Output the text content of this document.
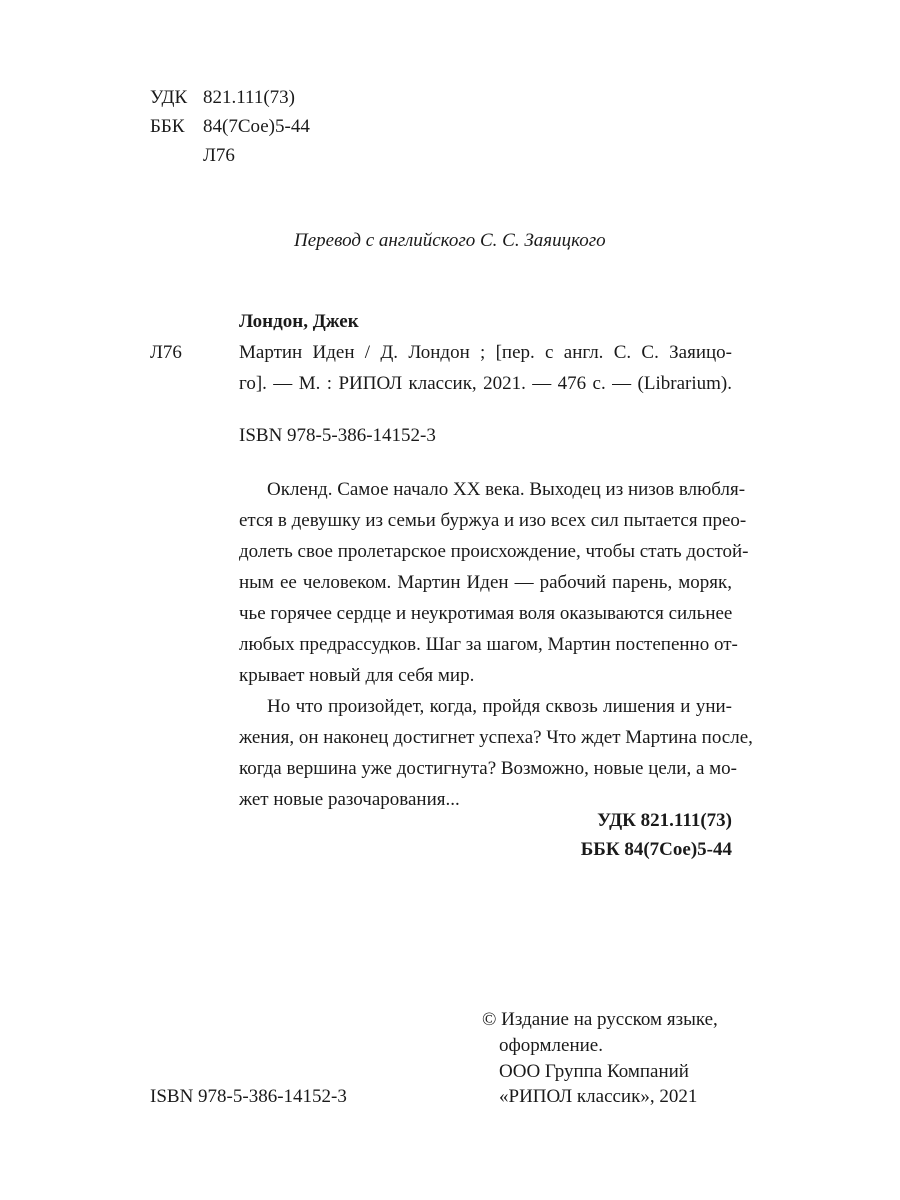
УДК 821.111(73)
ББК 84(7Сое)5-44
Л76
Перевод с английского С. С. Заяицкого
Лондон, Джек
Л76	Мартин Иден / Д. Лондон ; [пер. с англ. С. С. Заяицо-
го]. — М. : РИПОЛ классик, 2021. — 476 с. — (Librarium).
ISBN 978-5-386-14152-3

Окленд. Самое начало XX века. Выходец из низов влюбля-
ется в девушку из семьи буржуа и изо всех сил пытается прео-
долеть свое пролетарское происхождение, чтобы стать достой-
ным ее человеком. Мартин Иден — рабочий парень, моряк,
чье горячее сердце и неукротимая воля оказываются сильнее
любых предрассудков. Шаг за шагом, Мартин постепенно от-
крывает новый для себя мир.

Но что произойдет, когда, пройдя сквозь лишения и уни-
жения, он наконец достигнет успеха? Что ждет Мартина после,
когда вершина уже достигнута? Возможно, новые цели, а мо-
жет новые разочарования...

УДК 821.111(73)
ББК 84(7Сое)5-44
ISBN 978-5-386-14152-3
© Издание на русском языке,
оформление.
ООО Группа Компаний
«РИПОЛ классик», 2021
